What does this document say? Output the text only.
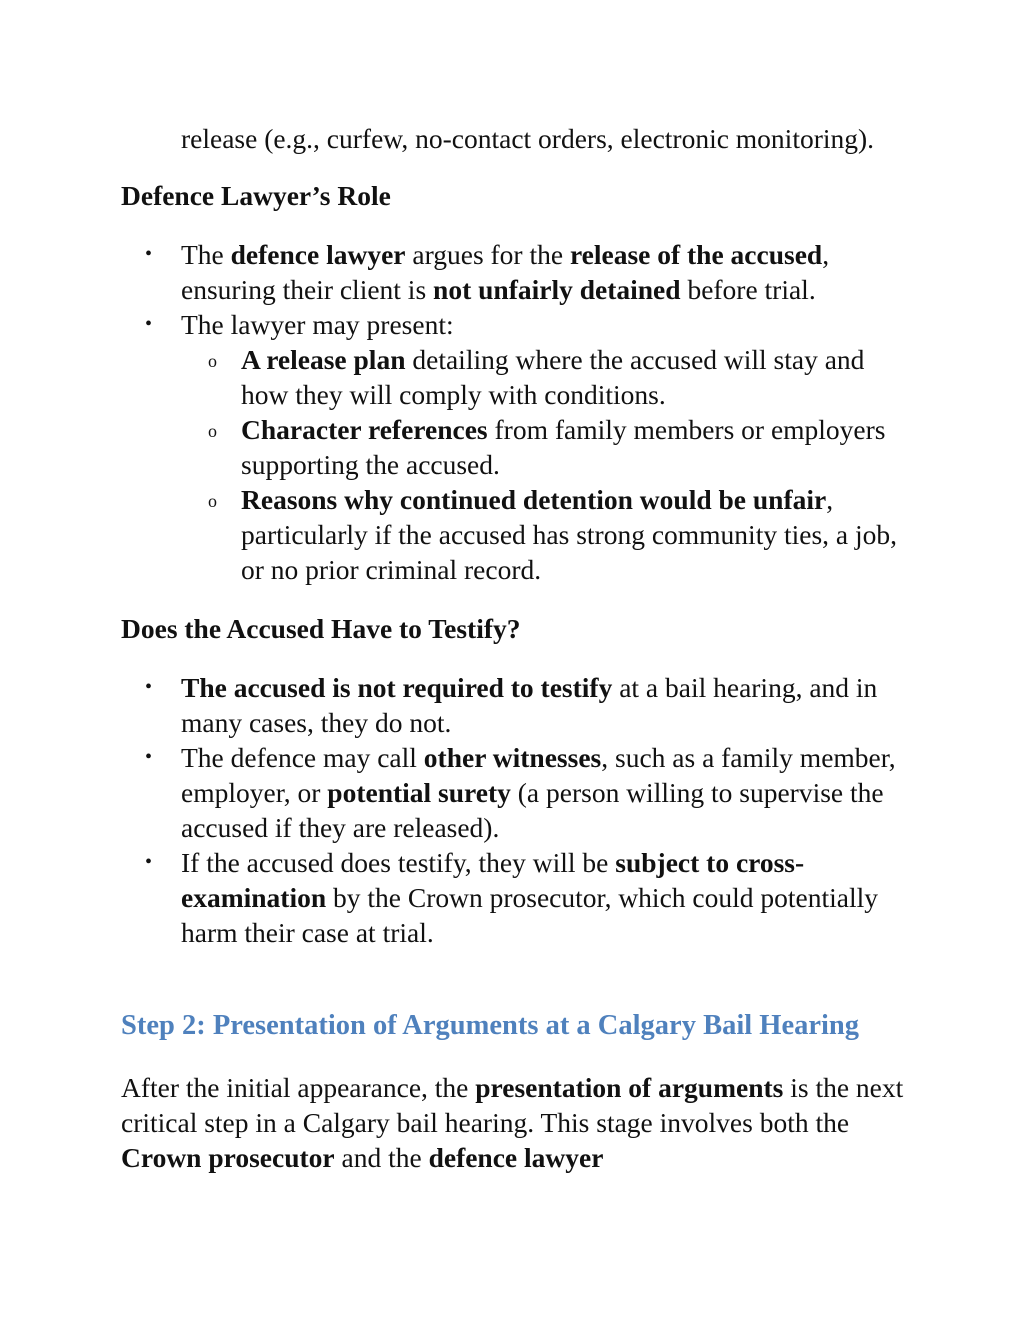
release (e.g., curfew, no-contact orders, electronic monitoring).

Defence Lawyer’s Role
• The defence lawyer argues for the release of the accused, ensuring their client is not unfairly detained before trial.
• The lawyer may present:
o A release plan detailing where the accused will stay and how they will comply with conditions.
o Character references from family members or employers supporting the accused.
o Reasons why continued detention would be unfair, particularly if the accused has strong community ties, a job, or no prior criminal record.
Does the Accused Have to Testify?
• The accused is not required to testify at a bail hearing, and in many cases, they do not.
• The defence may call other witnesses, such as a family member, employer, or potential surety (a person willing to supervise the accused if they are released).
• If the accused does testify, they will be subject to cross-examination by the Crown prosecutor, which could potentially harm their case at trial.
Step 2: Presentation of Arguments at a Calgary Bail Hearing

After the initial appearance, the presentation of arguments is the next critical step in a Calgary bail hearing. This stage involves both the Crown prosecutor and the defence lawyer
